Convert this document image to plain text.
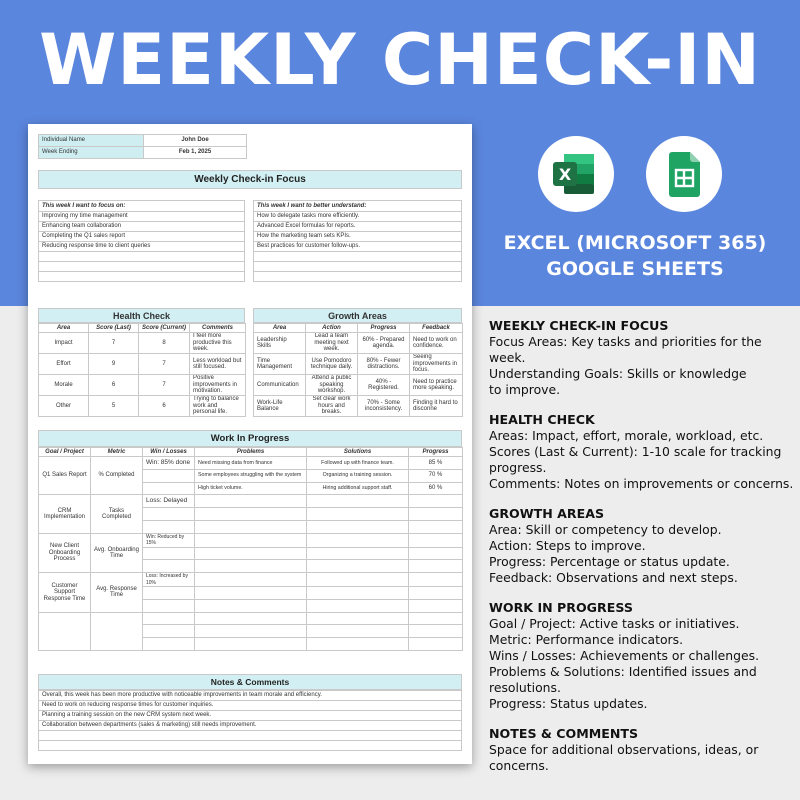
WEEKLY CHECK-IN
X
EXCEL (MICROSOFT 365)
GOOGLE SHEETS
Individual Name	John Doe
Week Ending	Feb 1, 2025
Weekly Check-in Focus
This week I want to focus on:
Improving my time management
Enhancing team collaboration
Completing the Q1 sales report
Reducing response time to client queries

This week I want to better understand:
How to delegate tasks more efficiently.
Advanced Excel formulas for reports.
How the marketing team sets KPIs.
Best practices for customer follow-ups.

Health Check
Area	Score (Last)	Score (Current)	Comments
Impact	7	8	I feel more productive this week.
Effort	9	7	Less workload but still focused.
Morale	6	7	Positive improvements in motivation.
Other	5	6	Trying to balance work and personal life.
Growth Areas
Area	Action	Progress	Feedback
Leadership Skills	Lead a team meeting next week.	60% - Prepared agenda.	Need to work on confidence.
Time Management	Use Pomodoro technique daily.	80% - Fewer distractions.	Seeing improvements in focus.
Communication	Attend a public speaking workshop.	40% - Registered.	Need to practice more speaking.
Work-Life Balance	Set clear work hours and breaks.	70% - Some inconsistency.	Finding it hard to disconne
Work In Progress
Goal / Project	Metric	Win / Losses	Problems	Solutions	Progress
Q1 Sales Report	% Completed	Win: 85% done	Need missing data from finance	Followed up with finance team.	85 %
			Some employees struggling with the system	Organizing a training session.	70 %
			High ticket volume.	Hiring additional support staff.	60 %
CRM Implementation	Tasks Completed	Loss: Delayed			

New Client Onboarding Process	Avg. Onboarding Time	Win: Reduced by 15%			

Customer Support Response Time	Avg. Response Time	Loss: Increased by 10%			

Notes & Comments
Overall, this week has been more productive with noticeable improvements in team morale and efficiency.
Need to work on reducing response times for customer inquiries.
Planning a training session on the new CRM system next week.
Collaboration between departments (sales & marketing) still needs improvement.

WEEKLY CHECK-IN FOCUS
Focus Areas: Key tasks and priorities for the week.
Understanding Goals: Skills or knowledge
to improve.
HEALTH CHECK
Areas: Impact, effort, morale, workload, etc.
Scores (Last & Current): 1-10 scale for tracking
progress.
Comments: Notes on improvements or concerns.
GROWTH AREAS
Area: Skill or competency to develop.
Action: Steps to improve.
Progress: Percentage or status update.
Feedback: Observations and next steps.
WORK IN PROGRESS
Goal / Project: Active tasks or initiatives.
Metric: Performance indicators.
Wins / Losses: Achievements or challenges.
Problems & Solutions: Identified issues and
resolutions.
Progress: Status updates.
NOTES & COMMENTS
Space for additional observations, ideas, or concerns.
